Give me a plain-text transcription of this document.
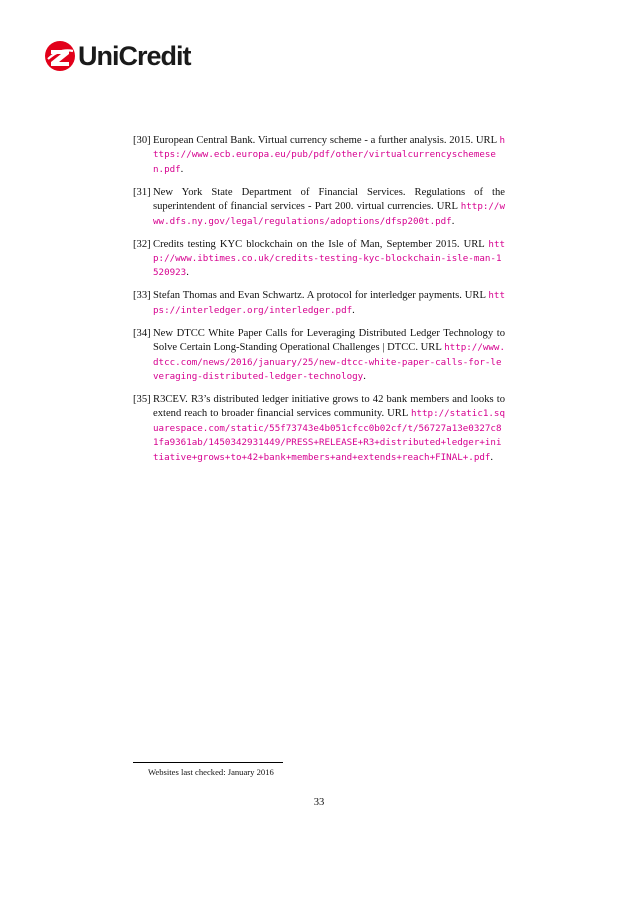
UniCredit
[30] European Central Bank. Virtual currency scheme - a further analysis. 2015. URL https://www.ecb.europa.eu/pub/pdf/other/virtualcurrencyschemesen.pdf.
[31] New York State Department of Financial Services. Regulations of the superintendent of financial services - Part 200. virtual currencies. URL http://www.dfs.ny.gov/legal/regulations/adoptions/dfsp200t.pdf.
[32] Credits testing KYC blockchain on the Isle of Man, September 2015. URL http://www.ibtimes.co.uk/credits-testing-kyc-blockchain-isle-man-1520923.
[33] Stefan Thomas and Evan Schwartz. A protocol for interledger payments. URL https://interledger.org/interledger.pdf.
[34] New DTCC White Paper Calls for Leveraging Distributed Ledger Technology to Solve Certain Long-Standing Operational Challenges | DTCC. URL http://www.dtcc.com/news/2016/january/25/new-dtcc-white-paper-calls-for-leveraging-distributed-ledger-technology.
[35] R3CEV. R3’s distributed ledger initiative grows to 42 bank members and looks to extend reach to broader financial services community. URL http://static1.squarespace.com/static/55f73743e4b051cfcc0b02cf/t/56727a13e0327c81fa9361ab/1450342931449/PRESS+RELEASE+R3+distributed+ledger+initiative+grows+to+42+bank+members+and+extends+reach+FINAL+.pdf.
Websites last checked: January 2016
33
